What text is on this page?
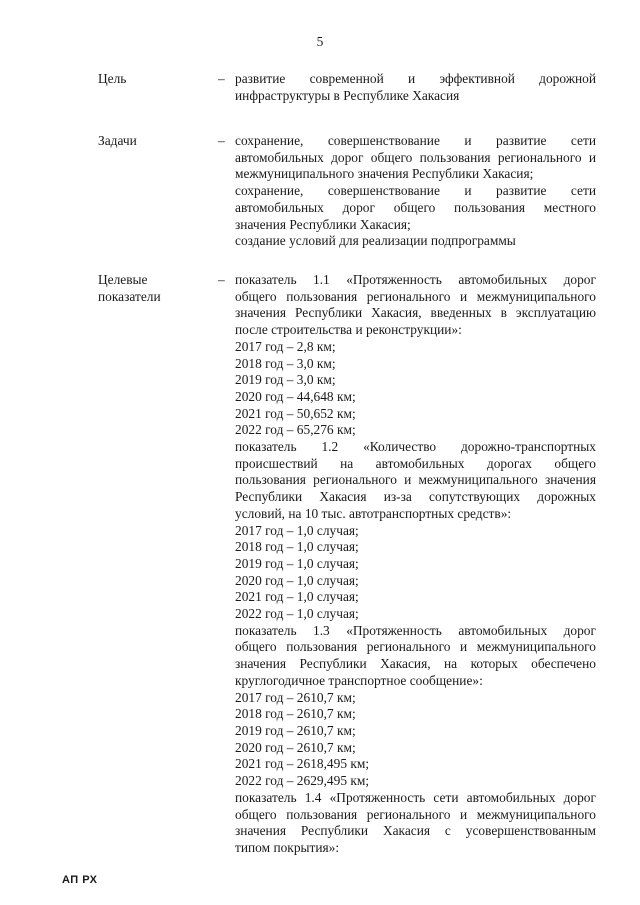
5
Цель	– развитие современной и эффективной дорожной
инфраструктуры в Республике Хакасия
Задачи	– сохранение, совершенствование и развитие сети
автомобильных дорог общего пользования регионального и
межмуниципального значения Республики Хакасия;
сохранение, совершенствование и развитие сети
автомобильных дорог общего пользования местного
значения Республики Хакасия;
создание условий для реализации подпрограммы
Целевые
показатели
– показатель 1.1 «Протяженность автомобильных дорог
общего пользования регионального и межмуниципального
значения Республики Хакасия, введенных в эксплуатацию
после строительства и реконструкции»:
2017 год – 2,8 км;
2018 год – 3,0 км;
2019 год – 3,0 км;
2020 год – 44,648 км;
2021 год – 50,652 км;
2022 год – 65,276 км;
показатель 1.2 «Количество дорожно-транспортных
происшествий на автомобильных дорогах общего
пользования регионального и межмуниципального значения
Республики Хакасия из-за сопутствующих дорожных
условий, на 10 тыс. автотранспортных средств»:
2017 год – 1,0 случая;
2018 год – 1,0 случая;
2019 год – 1,0 случая;
2020 год – 1,0 случая;
2021 год – 1,0 случая;
2022 год – 1,0 случая;
показатель 1.3 «Протяженность автомобильных дорог
общего пользования регионального и межмуниципального
значения Республики Хакасия, на которых обеспечено
круглогодичное транспортное сообщение»:
2017 год – 2610,7 км;
2018 год – 2610,7 км;
2019 год – 2610,7 км;
2020 год – 2610,7 км;
2021 год – 2618,495 км;
2022 год – 2629,495 км;
показатель 1.4 «Протяженность сети автомобильных дорог
общего пользования регионального и межмуниципального
значения Республики Хакасия с усовершенствованным
типом покрытия»:
АП РХ
